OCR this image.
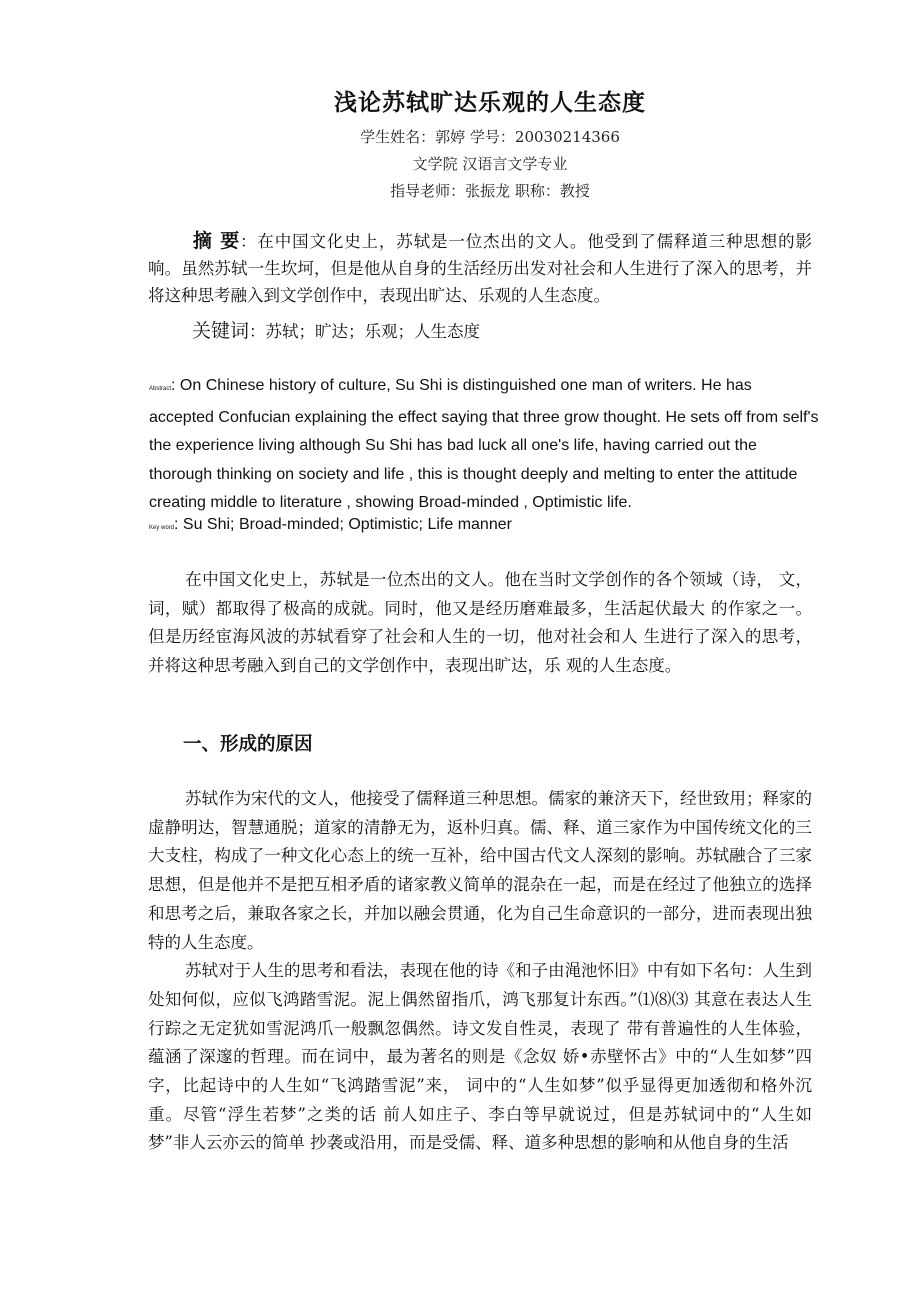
浅论苏轼旷达乐观的人生态度
学生姓名：郭婷 学号：20030214366
文学院 汉语言文学专业
指导老师：张振龙 职称：教授
摘 要：在中国文化史上，苏轼是一位杰出的文人。他受到了儒释道三种思想的影响。虽然苏轼一生坎坷，但是他从自身的生活经历出发对社会和人生进行了深入的思考，并将这种思考融入到文学创作中，表现出旷达、乐观的人生态度。
关键词：苏轼；旷达；乐观；人生态度
Abstract: On Chinese history of culture, Su Shi is distinguished one man of writers. He has accepted Confucian explaining the effect saying that three grow thought. He sets off from self's the experience living although Su Shi has bad luck all one's life, having carried out the thorough thinking on society and life , this is thought deeply and melting to enter the attitude creating middle to literature , showing Broad-minded , Optimistic life.
Key word: Su Shi; Broad-minded; Optimistic; Life manner
在中国文化史上，苏轼是一位杰出的文人。他在当时文学创作的各个领域（诗， 文，词，赋）都取得了极高的成就。同时，他又是经历磨难最多，生活起伏最大 的作家之一。但是历经宦海风波的苏轼看穿了社会和人生的一切，他对社会和人 生进行了深入的思考，并将这种思考融入到自己的文学创作中，表现出旷达，乐 观的人生态度。
一、形成的原因
苏轼作为宋代的文人，他接受了儒释道三种思想。儒家的兼济天下，经世致用；释家的虚静明达，智慧通脱；道家的清静无为，返朴归真。儒、释、道三家作为中国传统文化的三大支柱，构成了一种文化心态上的统一互补，给中国古代文人深刻的影响。苏轼融合了三家思想，但是他并不是把互相矛盾的诸家教义简单的混杂在一起，而是在经过了他独立的选择和思考之后，兼取各家之长，并加以融会贯通，化为自己生命意识的一部分，进而表现出独特的人生态度。
苏轼对于人生的思考和看法，表现在他的诗《和子由渑池怀旧》中有如下名句：人生到处知何似，应似飞鸿踏雪泥。泥上偶然留指爪，鸿飞那复计东西。”⑴⑻⑶ 其意在表达人生行踪之无定犹如雪泥鸿爪一般飘忽偶然。诗文发自性灵，表现了 带有普遍性的人生体验，蕴涵了深邃的哲理。而在词中，最为著名的则是《念奴 娇•赤壁怀古》中的“人生如梦”四字，比起诗中的人生如“飞鸿踏雪泥”来， 词中的“人生如梦”似乎显得更加透彻和格外沉重。尽管“浮生若梦”之类的话 前人如庄子、李白等早就说过，但是苏轼词中的“人生如梦”非人云亦云的简单 抄袭或沿用，而是受儒、释、道多种思想的影响和从他自身的生活
